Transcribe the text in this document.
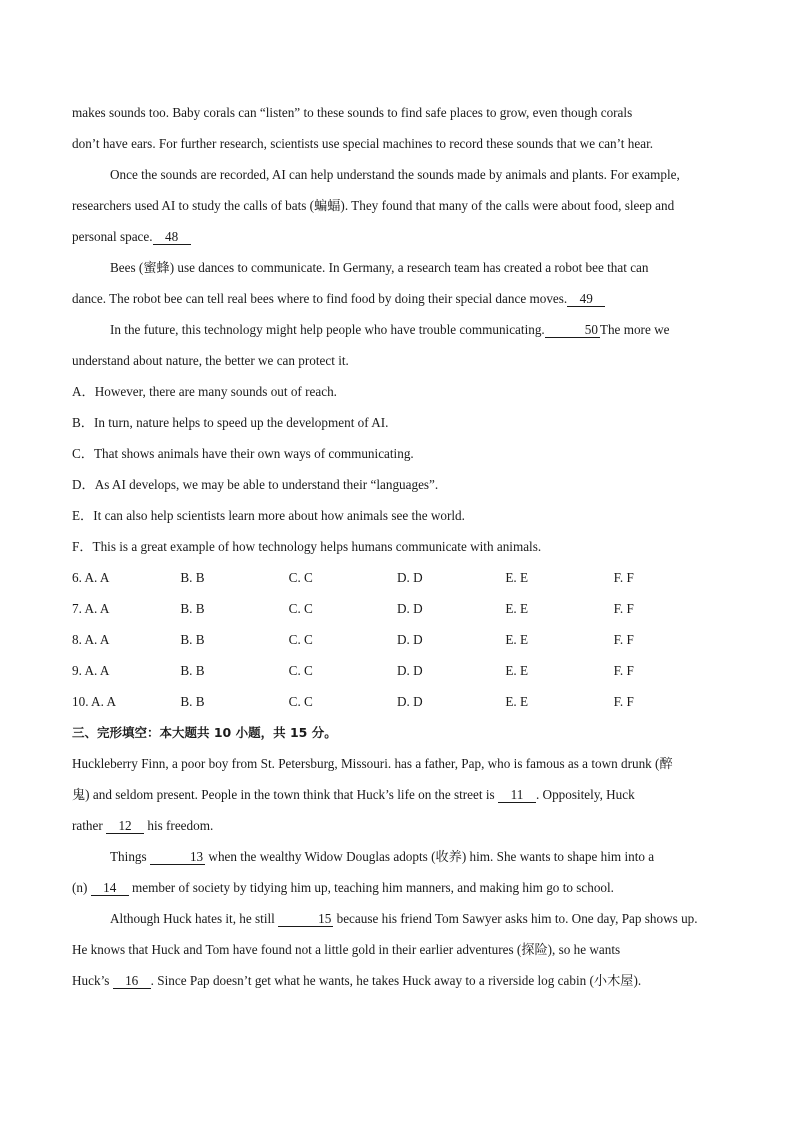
makes sounds too. Baby corals can “listen” to these sounds to find safe places to grow, even though corals

don’t have ears. For further research, scientists use special machines to record these sounds that we can’t hear.

Once the sounds are recorded, AI can help understand the sounds made by animals and plants. For example,

researchers used AI to study the calls of bats (蝙蝠). They found that many of the calls were about food, sleep and

personal space. 48

Bees (蜜蜂) use dances to communicate. In Germany, a research team has created a robot bee that can

dance. The robot bee can tell real bees where to find food by doing their special dance moves. 49

In the future, this technology might help people who have trouble communicating.	50 The more we

understand about nature, the better we can protect it.

A．However, there are many sounds out of reach.

B．In turn, nature helps to speed up the development of AI.

C．That shows animals have their own ways of communicating.

D．As AI develops, we may be able to understand their “languages”.

E．It can also help scientists learn more about how animals see the world.

F．This is a great example of how technology helps humans communicate with animals.

6. A. A	B. B	C. C	D. D	E. E	F. F
7. A. A	B. B	C. C	D. D	E. E	F. F
8. A. A	B. B	C. C	D. D	E. E	F. F
9. A. A	B. B	C. C	D. D	E. E	F. F
10. A. A	B. B	C. C	D. D	E. E	F. F

三、完形填空：本大题共 10 小题，共 15 分。

Huckleberry Finn, a poor boy from St. Petersburg, Missouri. has a father, Pap, who is famous as a town drunk (醉

鬼) and seldom present. People in the town think that Huck’s life on the street is 11 . Oppositely, Huck

rather 12 his freedom.

Things	13 when the wealthy Widow Douglas adopts (收养) him. She wants to shape him into a

(n) 14 member of society by tidying him up, teaching him manners, and making him go to school.

Although Huck hates it, he still	15 because his friend Tom Sawyer asks him to. One day, Pap shows up.

He knows that Huck and Tom have found not a little gold in their earlier adventures (探险), so he wants

Huck’s 16 . Since Pap doesn’t get what he wants, he takes Huck away to a riverside log cabin (小木屋).
